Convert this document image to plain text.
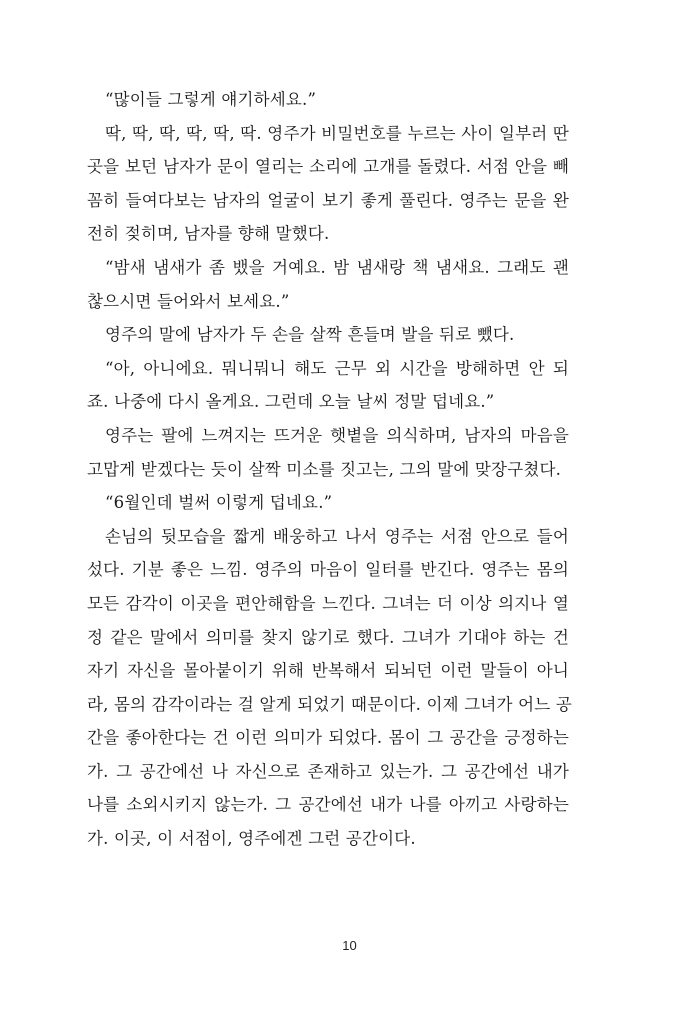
“많이들 그렇게 얘기하세요.”
딱, 딱, 딱, 딱, 딱, 딱. 영주가 비밀번호를 누르는 사이 일부러 딴
곳을 보던 남자가 문이 열리는 소리에 고개를 돌렸다. 서점 안을 빼
꼼히 들여다보는 남자의 얼굴이 보기 좋게 풀린다. 영주는 문을 완
전히 젖히며, 남자를 향해 말했다.
“밤새 냄새가 좀 뱄을 거예요. 밤 냄새랑 책 냄새요. 그래도 괜
찮으시면 들어와서 보세요.”
영주의 말에 남자가 두 손을 살짝 흔들며 발을 뒤로 뺐다.
“아, 아니에요. 뭐니뭐니 해도 근무 외 시간을 방해하면 안 되
죠. 나중에 다시 올게요. 그런데 오늘 날씨 정말 덥네요.”
영주는 팔에 느껴지는 뜨거운 햇볕을 의식하며, 남자의 마음을
고맙게 받겠다는 듯이 살짝 미소를 짓고는, 그의 말에 맞장구쳤다.
“6월인데 벌써 이렇게 덥네요.”
손님의 뒷모습을 짧게 배웅하고 나서 영주는 서점 안으로 들어
섰다. 기분 좋은 느낌. 영주의 마음이 일터를 반긴다. 영주는 몸의
모든 감각이 이곳을 편안해함을 느낀다. 그녀는 더 이상 의지나 열
정 같은 말에서 의미를 찾지 않기로 했다. 그녀가 기대야 하는 건
자기 자신을 몰아붙이기 위해 반복해서 되뇌던 이런 말들이 아니
라, 몸의 감각이라는 걸 알게 되었기 때문이다. 이제 그녀가 어느 공
간을 좋아한다는 건 이런 의미가 되었다. 몸이 그 공간을 긍정하는
가. 그 공간에선 나 자신으로 존재하고 있는가. 그 공간에선 내가
나를 소외시키지 않는가. 그 공간에선 내가 나를 아끼고 사랑하는
가. 이곳, 이 서점이, 영주에겐 그런 공간이다.
10
